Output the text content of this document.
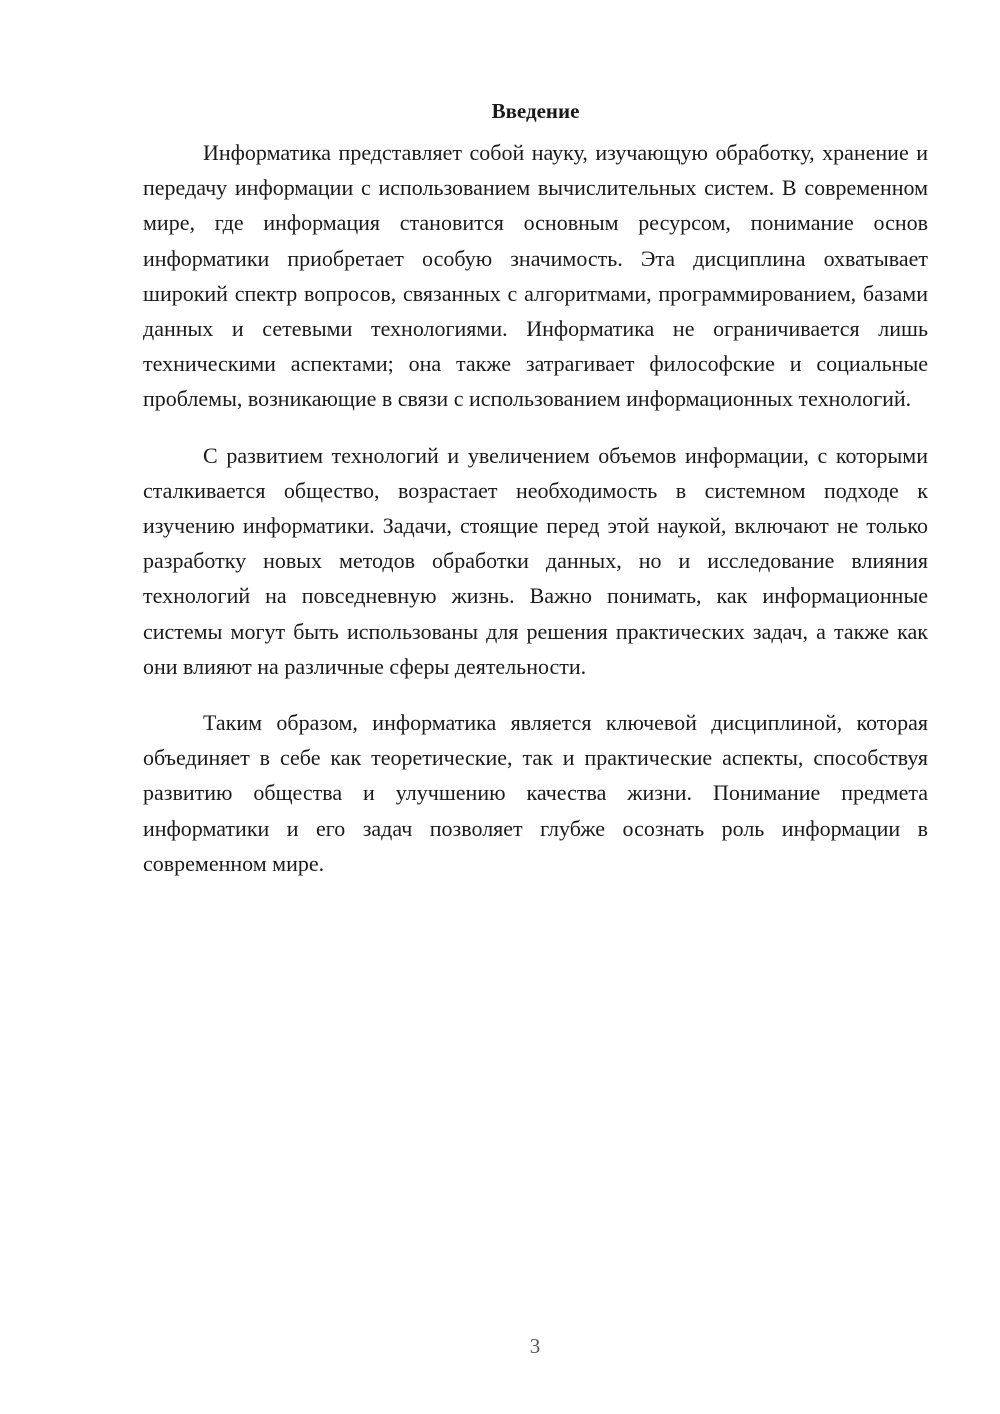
Введение

Информатика представляет собой науку, изучающую обработку, хранение и передачу информации с использованием вычислительных систем. В современном мире, где информация становится основным ресурсом, понимание основ информатики приобретает особую значимость. Эта дисциплина охватывает широкий спектр вопросов, связанных с алгоритмами, программированием, базами данных и сетевыми технологиями. Информатика не ограничивается лишь техническими аспектами; она также затрагивает философские и социальные проблемы, возникающие в связи с использованием информационных технологий.

С развитием технологий и увеличением объемов информации, с которыми сталкивается общество, возрастает необходимость в системном подходе к изучению информатики. Задачи, стоящие перед этой наукой, включают не только разработку новых методов обработки данных, но и исследование влияния технологий на повседневную жизнь. Важно понимать, как информационные системы могут быть использованы для решения практических задач, а также как они влияют на различные сферы деятельности.

Таким образом, информатика является ключевой дисциплиной, которая объединяет в себе как теоретические, так и практические аспекты, способствуя развитию общества и улучшению качества жизни. Понимание предмета информатики и его задач позволяет глубже осознать роль информации в современном мире.

3
